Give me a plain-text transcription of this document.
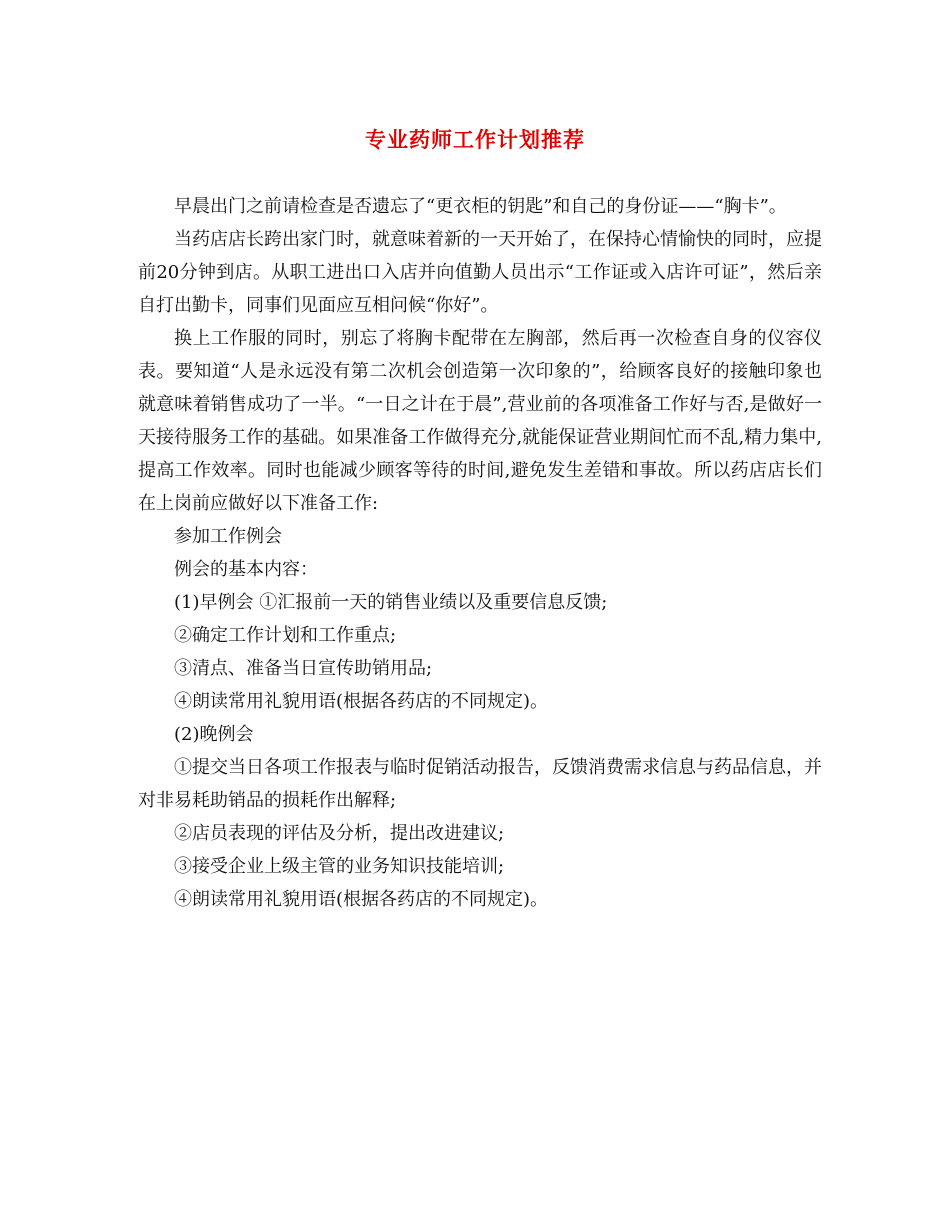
专业药师工作计划推荐

早晨出门之前请检查是否遗忘了“更衣柜的钥匙”和自己的身份证——“胸卡”。

当药店店长跨出家门时，就意味着新的一天开始了，在保持心情愉快的同时，应提前20分钟到店。从职工进出口入店并向值勤人员出示“工作证或入店许可证”，然后亲自打出勤卡，同事们见面应互相问候“你好”。

换上工作服的同时，别忘了将胸卡配带在左胸部，然后再一次检查自身的仪容仪表。要知道“人是永远没有第二次机会创造第一次印象的”，给顾客良好的接触印象也就意味着销售成功了一半。“一日之计在于晨”,营业前的各项准备工作好与否,是做好一天接待服务工作的基础。如果准备工作做得充分,就能保证营业期间忙而不乱,精力集中,提高工作效率。同时也能减少顾客等待的时间,避免发生差错和事故。所以药店店长们在上岗前应做好以下准备工作:

参加工作例会

例会的基本内容：

(1)早例会 ①汇报前一天的销售业绩以及重要信息反馈;

②确定工作计划和工作重点;

③清点、准备当日宣传助销用品;

④朗读常用礼貌用语(根据各药店的不同规定)。

(2)晚例会

①提交当日各项工作报表与临时促销活动报告，反馈消费需求信息与药品信息，并对非易耗助销品的损耗作出解释;

②店员表现的评估及分析，提出改进建议;

③接受企业上级主管的业务知识技能培训;

④朗读常用礼貌用语(根据各药店的不同规定)。
